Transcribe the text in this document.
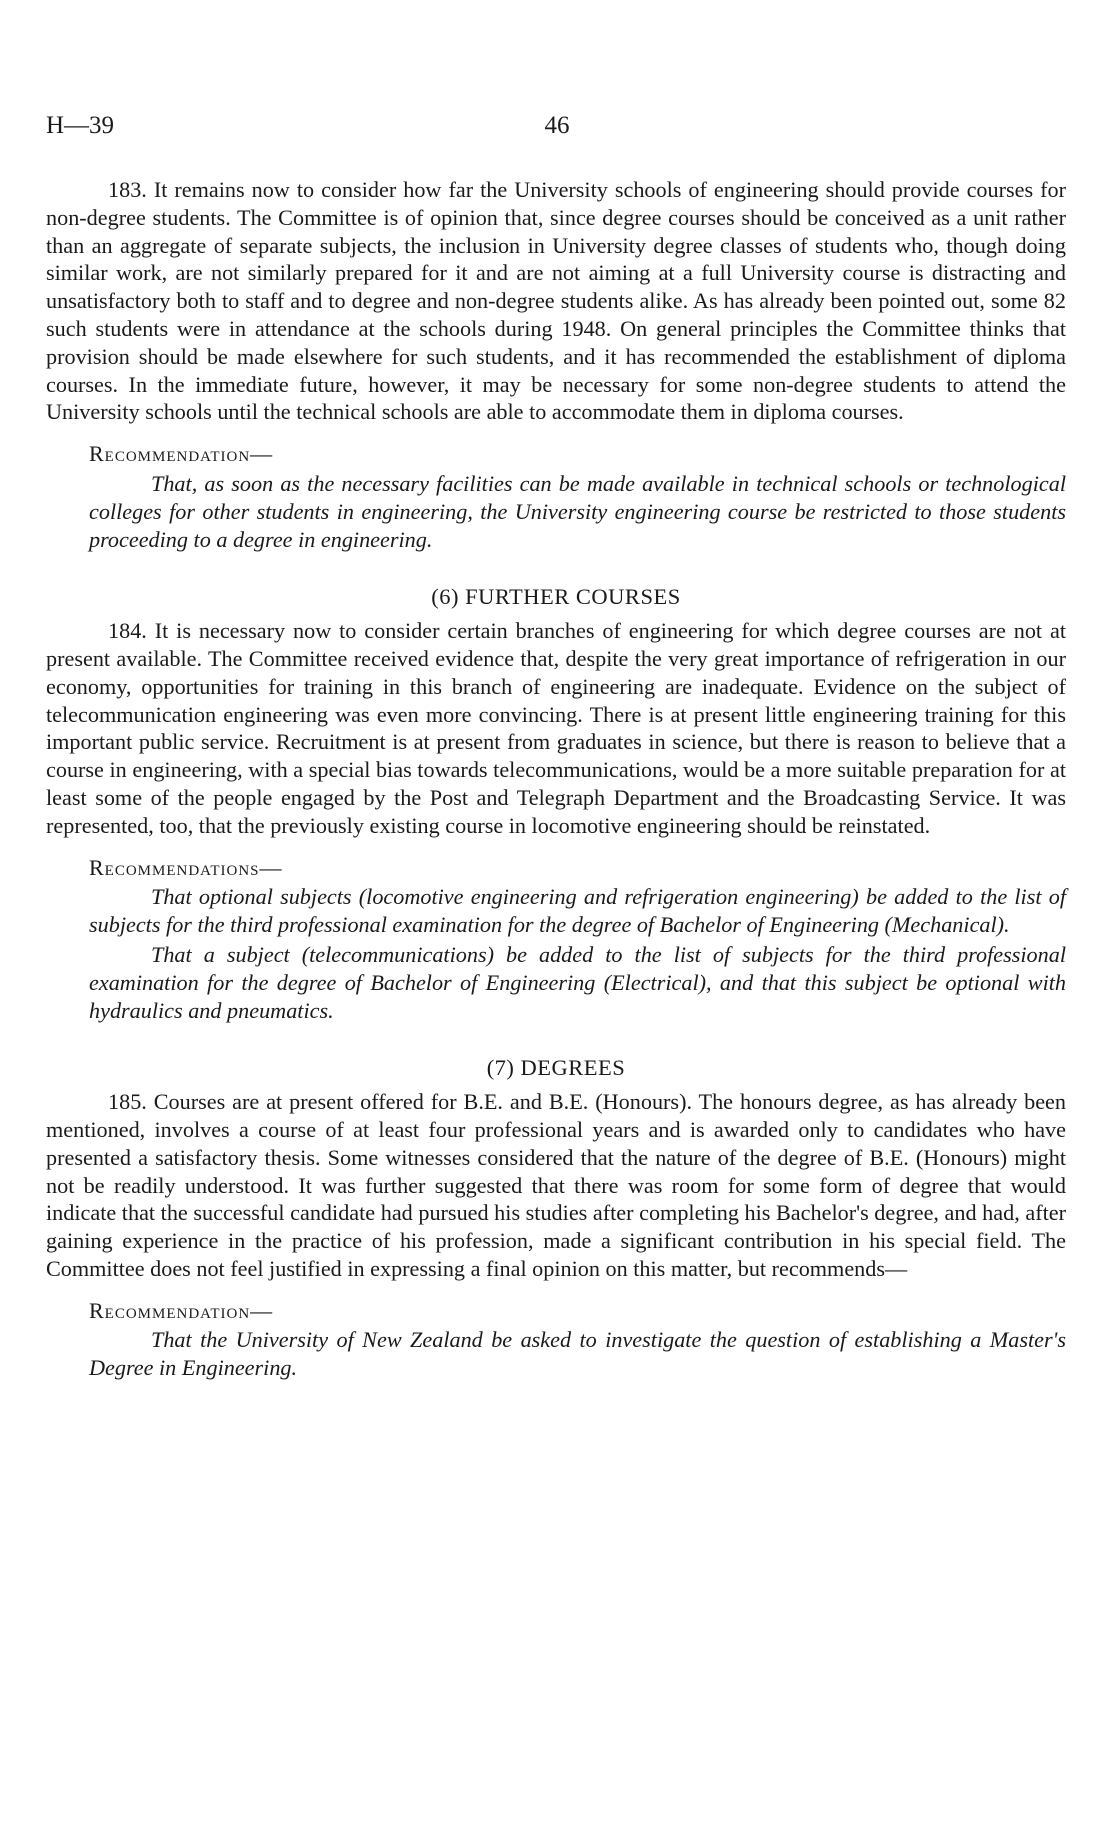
H—39	46

183. It remains now to consider how far the University schools of engineering should provide courses for non-degree students. The Committee is of opinion that, since degree courses should be conceived as a unit rather than an aggregate of separate subjects, the inclusion in University degree classes of students who, though doing similar work, are not similarly prepared for it and are not aiming at a full University course is distracting and unsatisfactory both to staff and to degree and non-degree students alike. As has already been pointed out, some 82 such students were in attendance at the schools during 1948. On general principles the Committee thinks that provision should be made elsewhere for such students, and it has recommended the establishment of diploma courses. In the immediate future, however, it may be necessary for some non-degree students to attend the University schools until the technical schools are able to accommodate them in diploma courses.

Recommendation—

That, as soon as the necessary facilities can be made available in technical schools or technological colleges for other students in engineering, the University engineering course be restricted to those students proceeding to a degree in engineering.

(6) FURTHER COURSES

184. It is necessary now to consider certain branches of engineering for which degree courses are not at present available. The Committee received evidence that, despite the very great importance of refrigeration in our economy, opportunities for training in this branch of engineering are inadequate. Evidence on the subject of telecommunication engineering was even more convincing. There is at present little engineering training for this important public service. Recruitment is at present from graduates in science, but there is reason to believe that a course in engineering, with a special bias towards telecommunications, would be a more suitable preparation for at least some of the people engaged by the Post and Telegraph Department and the Broadcasting Service. It was represented, too, that the previously existing course in locomotive engineering should be reinstated.

Recommendations—

That optional subjects (locomotive engineering and refrigeration engineering) be added to the list of subjects for the third professional examination for the degree of Bachelor of Engineering (Mechanical).

That a subject (telecommunications) be added to the list of subjects for the third professional examination for the degree of Bachelor of Engineering (Electrical), and that this subject be optional with hydraulics and pneumatics.

(7) DEGREES

185. Courses are at present offered for B.E. and B.E. (Honours). The honours degree, as has already been mentioned, involves a course of at least four professional years and is awarded only to candidates who have presented a satisfactory thesis. Some witnesses considered that the nature of the degree of B.E. (Honours) might not be readily understood. It was further suggested that there was room for some form of degree that would indicate that the successful candidate had pursued his studies after completing his Bachelor's degree, and had, after gaining experience in the practice of his profession, made a significant contribution in his special field. The Committee does not feel justified in expressing a final opinion on this matter, but recommends—

Recommendation—

That the University of New Zealand be asked to investigate the question of establishing a Master's Degree in Engineering.
